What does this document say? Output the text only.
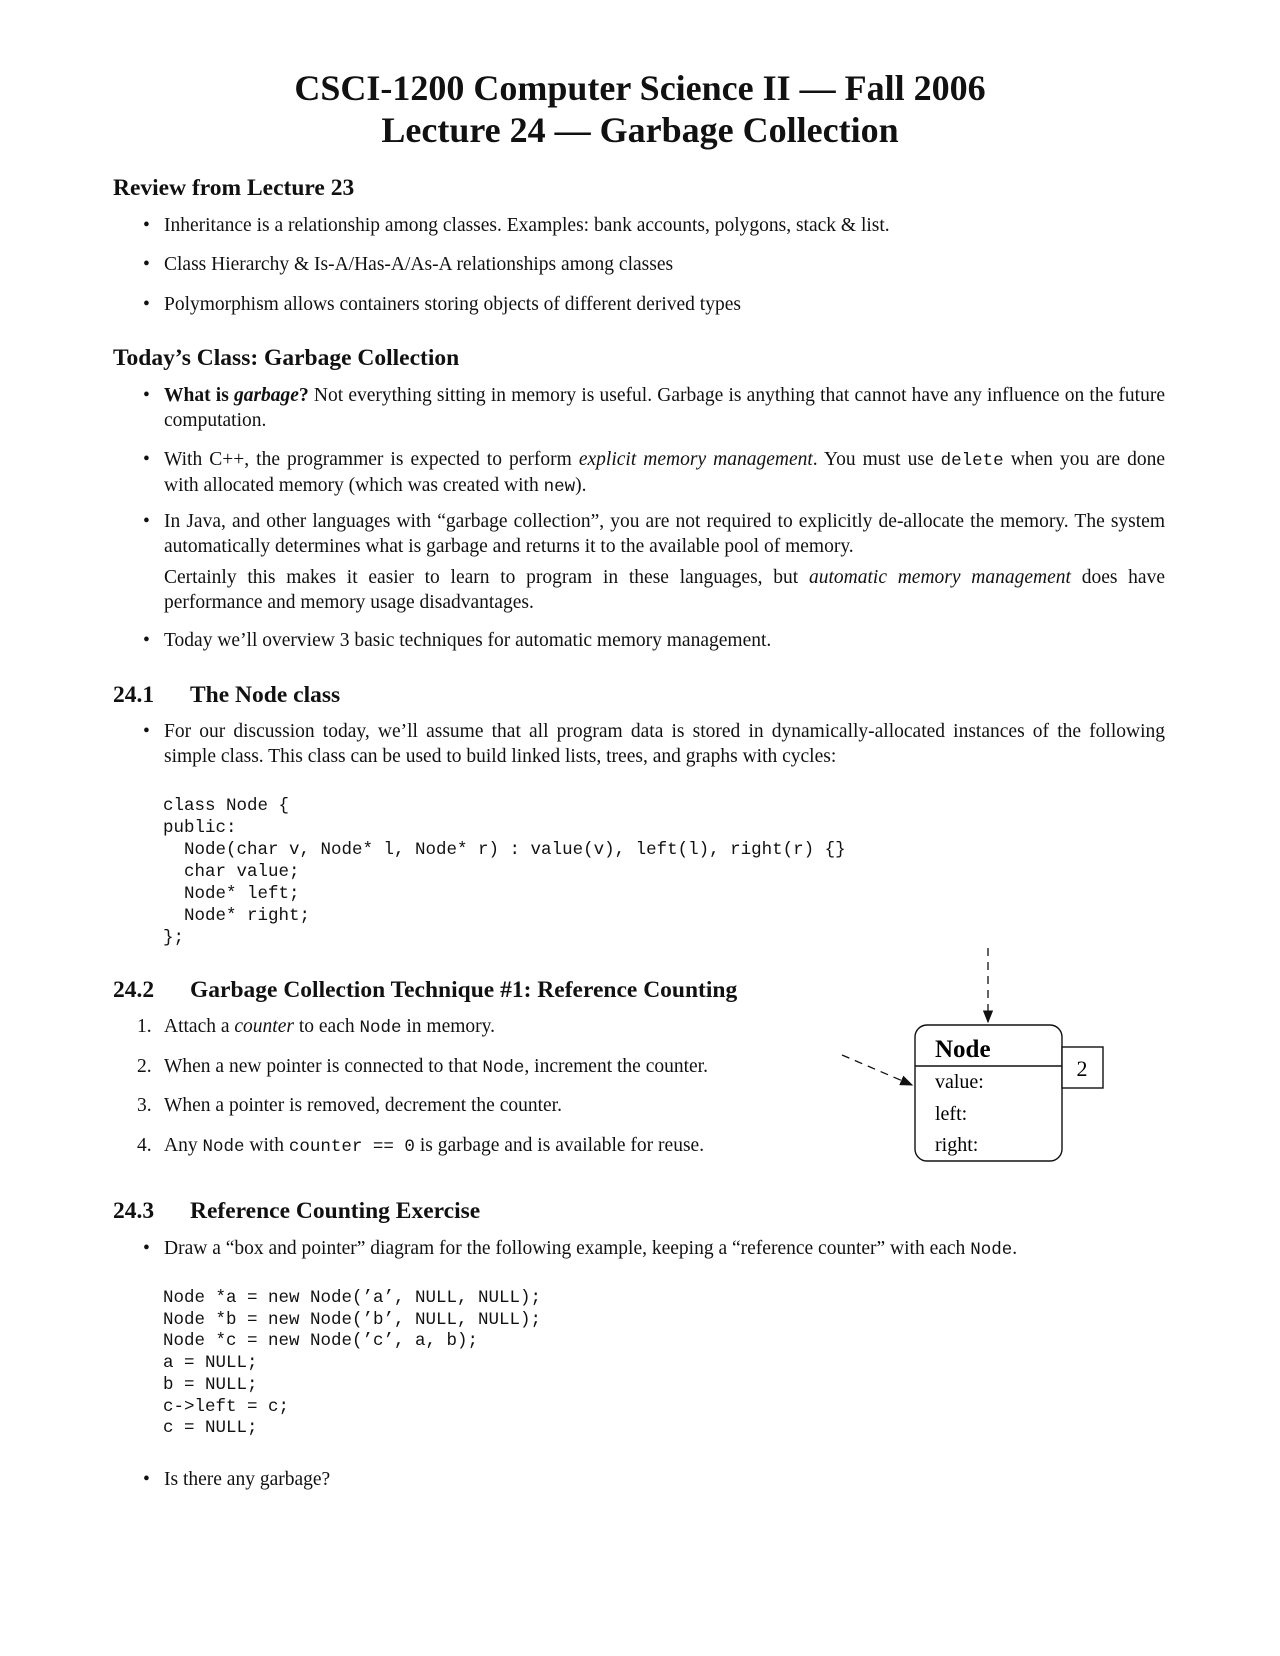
CSCI-1200 Computer Science II — Fall 2006
Lecture 24 — Garbage Collection
Review from Lecture 23
• Inheritance is a relationship among classes. Examples: bank accounts, polygons, stack & list.
• Class Hierarchy & Is-A/Has-A/As-A relationships among classes
• Polymorphism allows containers storing objects of different derived types
Today’s Class: Garbage Collection
• What is garbage? Not everything sitting in memory is useful. Garbage is anything that cannot have any influence on the future computation.
• With C++, the programmer is expected to perform explicit memory management. You must use delete when you are done with allocated memory (which was created with new).
• In Java, and other languages with “garbage collection”, you are not required to explicitly de-allocate the memory. The system automatically determines what is garbage and returns it to the available pool of memory.
Certainly this makes it easier to learn to program in these languages, but automatic memory management does have performance and memory usage disadvantages.
• Today we’ll overview 3 basic techniques for automatic memory management.
24.1 The Node class
• For our discussion today, we’ll assume that all program data is stored in dynamically-allocated instances of the following simple class. This class can be used to build linked lists, trees, and graphs with cycles:
class Node {
public:
Node(char v, Node* l, Node* r) : value(v), left(l), right(r) {}
char value;
Node* left;
Node* right;
};
24.2 Garbage Collection Technique #1: Reference Counting
1. Attach a counter to each Node in memory.
2. When a new pointer is connected to that Node, increment the counter.
3. When a pointer is removed, decrement the counter.
4. Any Node with counter == 0 is garbage and is available for reuse.
Node
value:
left:
right:
2
24.3 Reference Counting Exercise
• Draw a “box and pointer” diagram for the following example, keeping a “reference counter” with each Node.
Node *a = new Node(’a’, NULL, NULL);
Node *b = new Node(’b’, NULL, NULL);
Node *c = new Node(’c’, a, b);
a = NULL;
b = NULL;
c->left = c;
c = NULL;
• Is there any garbage?
